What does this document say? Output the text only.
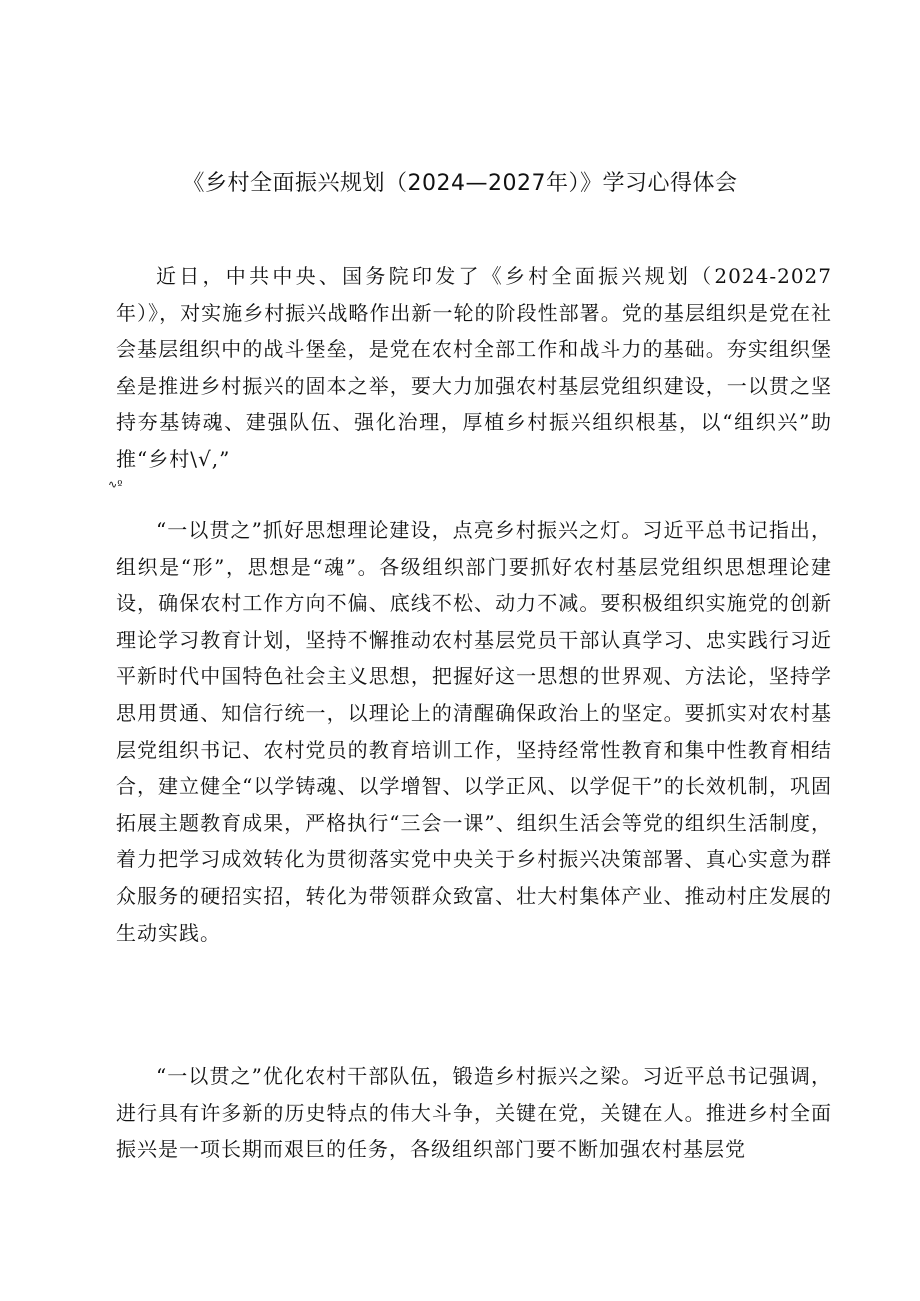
《乡村全面振兴规划（2024—2027年）》学习心得体会

近日，中共中央、国务院印发了《乡村全面振兴规划（2024-2027年）》，对实施乡村振兴战略作出新一轮的阶段性部署。党的基层组织是党在社会基层组织中的战斗堡垒，是党在农村全部工作和战斗力的基础。夯实组织堡垒是推进乡村振兴的固本之举，要大力加强农村基层党组织建设，一以贯之坚持夯基铸魂、建强队伍、强化治理，厚植乡村振兴组织根基，以“组织兴”助推“乡村\√,”
∿º

“一以贯之”抓好思想理论建设，点亮乡村振兴之灯。习近平总书记指出，组织是“形”，思想是“魂”。各级组织部门要抓好农村基层党组织思想理论建设，确保农村工作方向不偏、底线不松、动力不减。要积极组织实施党的创新理论学习教育计划，坚持不懈推动农村基层党员干部认真学习、忠实践行习近平新时代中国特色社会主义思想，把握好这一思想的世界观、方法论，坚持学思用贯通、知信行统一，以理论上的清醒确保政治上的坚定。要抓实对农村基层党组织书记、农村党员的教育培训工作，坚持经常性教育和集中性教育相结合，建立健全“以学铸魂、以学增智、以学正风、以学促干”的长效机制，巩固拓展主题教育成果，严格执行“三会一课”、组织生活会等党的组织生活制度，着力把学习成效转化为贯彻落实党中央关于乡村振兴决策部署、真心实意为群众服务的硬招实招，转化为带领群众致富、壮大村集体产业、推动村庄发展的生动实践。

“一以贯之”优化农村干部队伍，锻造乡村振兴之梁。习近平总书记强调，进行具有许多新的历史特点的伟大斗争，关键在党，关键在人。推进乡村全面振兴是一项长期而艰巨的任务，各级组织部门要不断加强农村基层党
